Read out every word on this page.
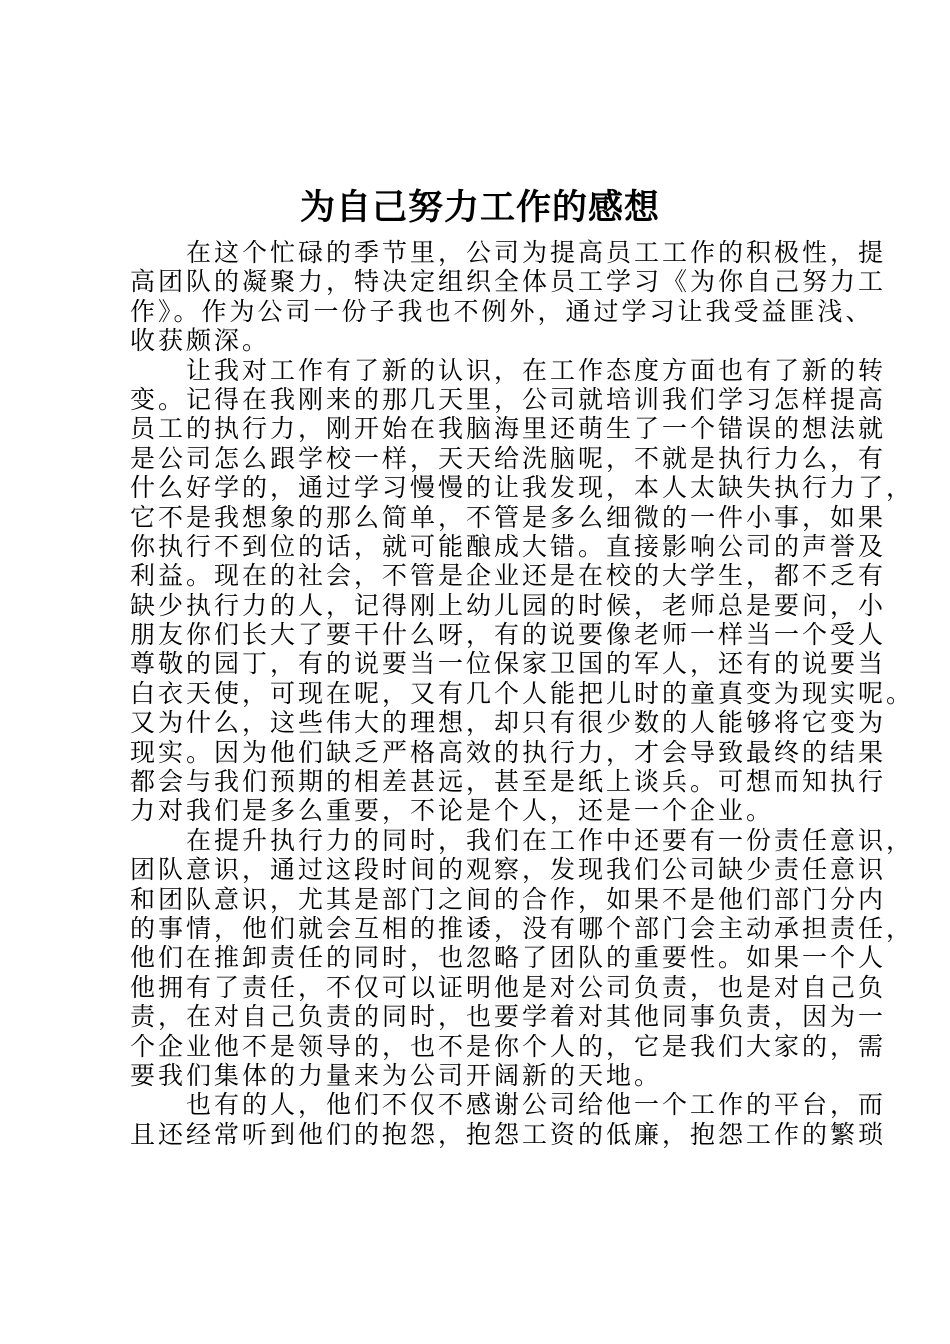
为自己努力工作的感想
在这个忙碌的季节里，公司为提高员工工作的积极性，提
高团队的凝聚力，特决定组织全体员工学习《为你自己努力工
作》。作为公司一份子我也不例外，通过学习让我受益匪浅、
收获颇深。
让我对工作有了新的认识，在工作态度方面也有了新的转
变。记得在我刚来的那几天里，公司就培训我们学习怎样提高
员工的执行力，刚开始在我脑海里还萌生了一个错误的想法就
是公司怎么跟学校一样，天天给洗脑呢，不就是执行力么，有
什么好学的，通过学习慢慢的让我发现，本人太缺失执行力了，
它不是我想象的那么简单，不管是多么细微的一件小事，如果
你执行不到位的话，就可能酿成大错。直接影响公司的声誉及
利益。现在的社会，不管是企业还是在校的大学生，都不乏有
缺少执行力的人，记得刚上幼儿园的时候，老师总是要问，小
朋友你们长大了要干什么呀，有的说要像老师一样当一个受人
尊敬的园丁，有的说要当一位保家卫国的军人，还有的说要当
白衣天使，可现在呢，又有几个人能把儿时的童真变为现实呢。
又为什么，这些伟大的理想，却只有很少数的人能够将它变为
现实。因为他们缺乏严格高效的执行力，才会导致最终的结果
都会与我们预期的相差甚远，甚至是纸上谈兵。可想而知执行
力对我们是多么重要，不论是个人，还是一个企业。
在提升执行力的同时，我们在工作中还要有一份责任意识，
团队意识，通过这段时间的观察，发现我们公司缺少责任意识
和团队意识，尤其是部门之间的合作，如果不是他们部门分内
的事情，他们就会互相的推诿，没有哪个部门会主动承担责任，
他们在推卸责任的同时，也忽略了团队的重要性。如果一个人
他拥有了责任，不仅可以证明他是对公司负责，也是对自己负
责，在对自己负责的同时，也要学着对其他同事负责，因为一
个企业他不是领导的，也不是你个人的，它是我们大家的，需
要我们集体的力量来为公司开阔新的天地。
也有的人，他们不仅不感谢公司给他一个工作的平台，而
且还经常听到他们的抱怨，抱怨工资的低廉，抱怨工作的繁琐
